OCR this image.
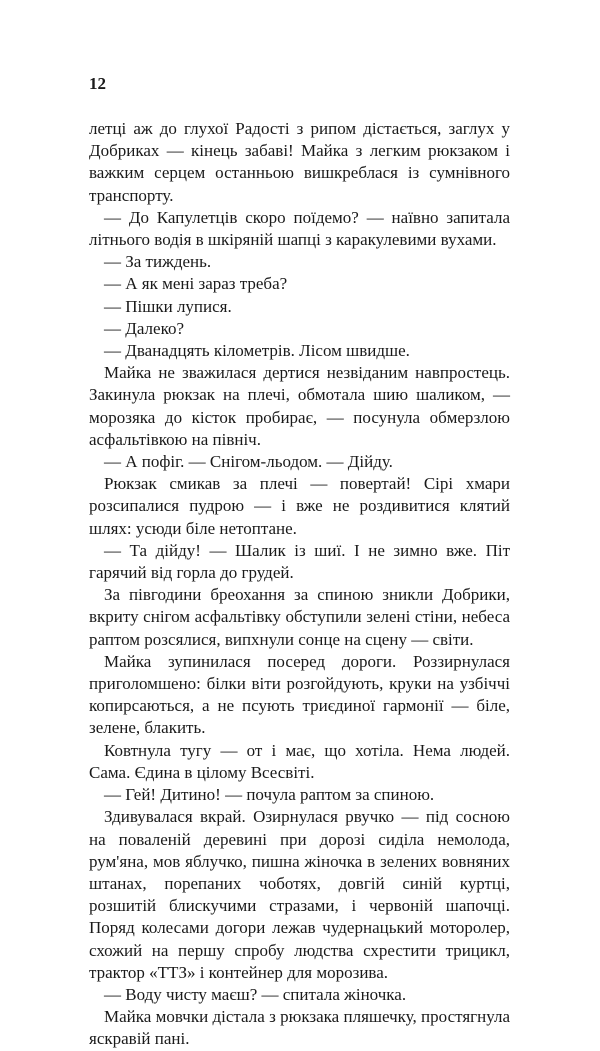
12

летці аж до глухої Радості з рипом дістається, заглух у Добриках — кінець забаві! Майка з легким рюкзаком і важким серцем останньою вишкреблася із сумнівного транспорту.

— До Капулетців скоро поїдемо? — наївно запитала літнього водія в шкіряній шапці з каракулевими вухами.

— За тиждень.

— А як мені зараз треба?

— Пішки лупися.

— Далеко?

— Дванадцять кілометрів. Лісом швидше.

Майка не зважилася дертися незвіданим навпростець. Закинула рюкзак на плечі, обмотала шию шаликом, — морозяка до кісток пробирає, — посунула обмерзлою асфальтівкою на північ.

— А пофіг. — Снігом-льодом. — Дійду.

Рюкзак смикав за плечі — повертай! Сірі хмари розсипалися пудрою — і вже не роздивитися клятий шлях: усюди біле нетоптане.

— Та дійду! — Шалик із шиї. І не зимно вже. Піт гарячий від горла до грудей.

За півгодини бреохання за спиною зникли Добрики, вкриту снігом асфальтівку обступили зелені стіни, небеса раптом розсялися, випхнули сонце на сцену — світи.

Майка зупинилася посеред дороги. Роззирнулася приголомшено: білки віти розгойдують, круки на узбіччі копирсаються, а не псують триєдиної гармонії — біле, зелене, блакить.

Ковтнула тугу — от і має, що хотіла. Нема людей. Сама. Єдина в цілому Всесвіті.

— Гей! Дитино! — почула раптом за спиною.

Здивувалася вкрай. Озирнулася рвучко — під сосною на поваленій деревині при дорозі сиділа немолода, рум'яна, мов яблучко, пишна жіночка в зелених вовняних штанах, порепаних чоботях, довгій синій куртці, розшитій блискучими стразами, і червоній шапочці. Поряд колесами догори лежав чудернацький моторолер, схожий на першу спробу людства схрестити трицикл, трактор «ТТЗ» і контейнер для морозива.

— Воду чисту маєш? — спитала жіночка.

Майка мовчки дістала з рюкзака пляшечку, простягнула яскравій пані.
